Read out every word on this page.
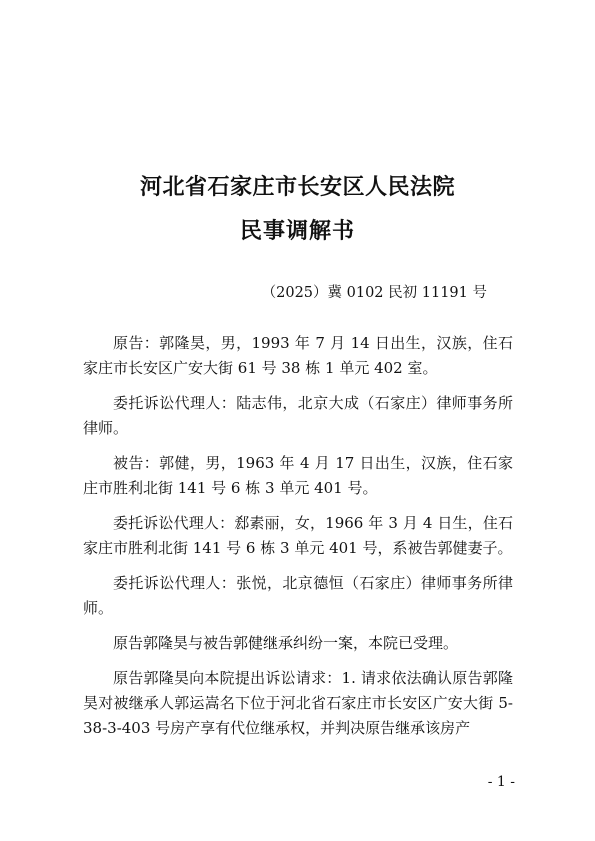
河北省石家庄市长安区人民法院
民事调解书
（2025）冀 0102 民初 11191 号

原告：郭隆昊，男，1993 年 7 月 14 日出生，汉族，住石家庄市长安区广安大街 61 号 38 栋 1 单元 402 室。

委托诉讼代理人：陆志伟，北京大成（石家庄）律师事务所律师。

被告：郭健，男，1963 年 4 月 17 日出生，汉族，住石家庄市胜利北街 141 号 6 栋 3 单元 401 号。

委托诉讼代理人：郄素丽，女，1966 年 3 月 4 日生，住石家庄市胜利北街 141 号 6 栋 3 单元 401 号，系被告郭健妻子。

委托诉讼代理人：张悦，北京德恒（石家庄）律师事务所律师。

原告郭隆昊与被告郭健继承纠纷一案，本院已受理。

原告郭隆昊向本院提出诉讼请求：1. 请求依法确认原告郭隆昊对被继承人郭运嵩名下位于河北省石家庄市长安区广安大街 5-38-3-403 号房产享有代位继承权，并判决原告继承该房产

- 1 -
